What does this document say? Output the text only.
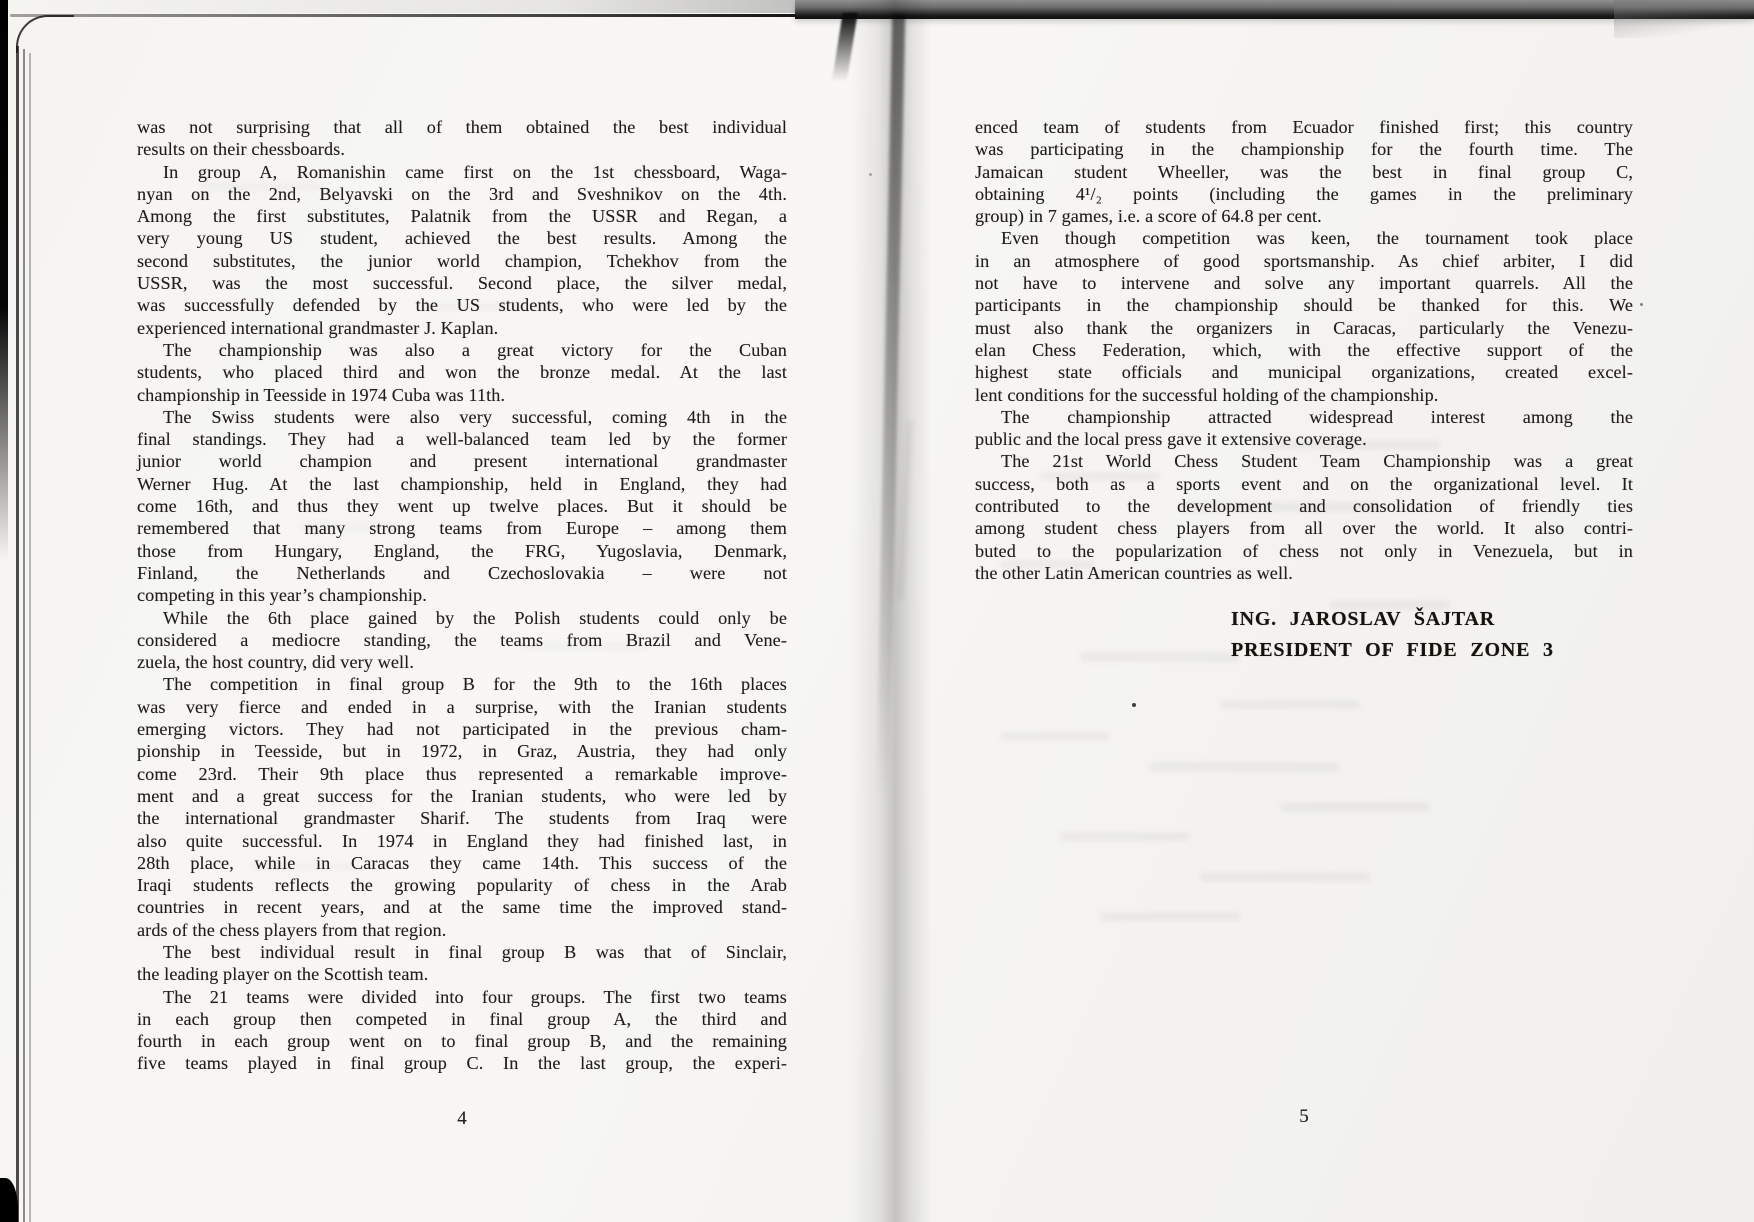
was not surprising that all of them obtained the best individual
results on their chessboards.
In group A, Romanishin came first on the 1st chessboard, Waga-
nyan on the 2nd, Belyavski on the 3rd and Sveshnikov on the 4th.
Among the first substitutes, Palatnik from the USSR and Regan, a
very young US student, achieved the best results. Among the
second substitutes, the junior world champion, Tchekhov from the
USSR, was the most successful. Second place, the silver medal,
was successfully defended by the US students, who were led by the
experienced international grandmaster J. Kaplan.
The championship was also a great victory for the Cuban
students, who placed third and won the bronze medal. At the last
championship in Teesside in 1974 Cuba was 11th.
The Swiss students were also very successful, coming 4th in the
final standings. They had a well-balanced team led by the former
junior world champion and present international grandmaster
Werner Hug. At the last championship, held in England, they had
come 16th, and thus they went up twelve places. But it should be
remembered that many strong teams from Europe – among them
those from Hungary, England, the FRG, Yugoslavia, Denmark,
Finland, the Netherlands and Czechoslovakia – were not
competing in this year’s championship.
While the 6th place gained by the Polish students could only be
considered a mediocre standing, the teams from Brazil and Vene-
zuela, the host country, did very well.
The competition in final group B for the 9th to the 16th places
was very fierce and ended in a surprise, with the Iranian students
emerging victors. They had not participated in the previous cham-
pionship in Teesside, but in 1972, in Graz, Austria, they had only
come 23rd. Their 9th place thus represented a remarkable improve-
ment and a great success for the Iranian students, who were led by
the international grandmaster Sharif. The students from Iraq were
also quite successful. In 1974 in England they had finished last, in
28th place, while in Caracas they came 14th. This success of the
Iraqi students reflects the growing popularity of chess in the Arab
countries in recent years, and at the same time the improved stand-
ards of the chess players from that region.
The best individual result in final group B was that of Sinclair,
the leading player on the Scottish team.
The 21 teams were divided into four groups. The first two teams
in each group then competed in final group A, the third and
fourth in each group went on to final group B, and the remaining
five teams played in final group C. In the last group, the experi-
4
enced team of students from Ecuador finished first; this country
was participating in the championship for the fourth time. The
Jamaican student Wheeller, was the best in final group C,
obtaining 4¹/₂ points (including the games in the preliminary
group) in 7 games, i.e. a score of 64.8 per cent.
Even though competition was keen, the tournament took place
in an atmosphere of good sportsmanship. As chief arbiter, I did
not have to intervene and solve any important quarrels. All the
participants in the championship should be thanked for this. We
must also thank the organizers in Caracas, particularly the Venezu-
elan Chess Federation, which, with the effective support of the
highest state officials and municipal organizations, created excel-
lent conditions for the successful holding of the championship.
The championship attracted widespread interest among the
public and the local press gave it extensive coverage.
The 21st World Chess Student Team Championship was a great
success, both as a sports event and on the organizational level. It
contributed to the development and consolidation of friendly ties
among student chess players from all over the world. It also contri-
buted to the popularization of chess not only in Venezuela, but in
the other Latin American countries as well.
ING. JAROSLAV ŠAJTAR
PRESIDENT OF FIDE ZONE 3
5
